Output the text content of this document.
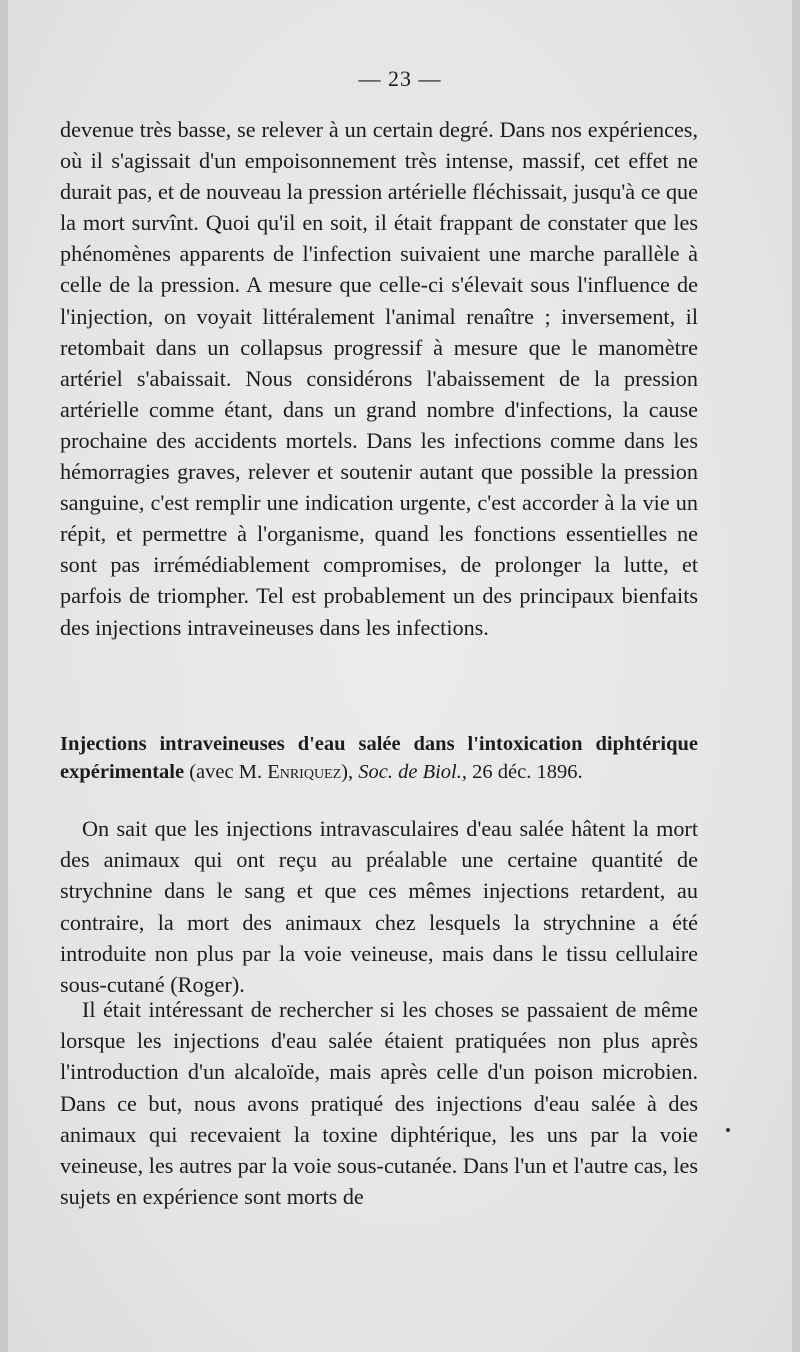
— 23 —

devenue très basse, se relever à un certain degré. Dans nos expériences, où il s'agissait d'un empoisonnement très intense, massif, cet effet ne durait pas, et de nouveau la pression artérielle fléchissait, jusqu'à ce que la mort survînt. Quoi qu'il en soit, il était frappant de constater que les phénomènes apparents de l'infection suivaient une marche parallèle à celle de la pression. A mesure que celle-ci s'élevait sous l'influence de l'injection, on voyait littéralement l'animal renaître ; inversement, il retombait dans un collapsus progressif à mesure que le manomètre artériel s'abaissait. Nous considérons l'abaissement de la pression artérielle comme étant, dans un grand nombre d'infections, la cause prochaine des accidents mortels. Dans les infections comme dans les hémorragies graves, relever et soutenir autant que possible la pression sanguine, c'est remplir une indication urgente, c'est accorder à la vie un répit, et permettre à l'organisme, quand les fonctions essentielles ne sont pas irrémédiablement compromises, de prolonger la lutte, et parfois de triompher. Tel est probablement un des principaux bienfaits des injections intraveineuses dans les infections.

Injections intraveineuses d'eau salée dans l'intoxication diphtérique expérimentale (avec M. Enriquez), Soc. de Biol., 26 déc. 1896.

On sait que les injections intravasculaires d'eau salée hâtent la mort des animaux qui ont reçu au préalable une certaine quantité de strychnine dans le sang et que ces mêmes injections retardent, au contraire, la mort des animaux chez lesquels la strychnine a été introduite non plus par la voie veineuse, mais dans le tissu cellulaire sous-cutané (Roger).

Il était intéressant de rechercher si les choses se passaient de même lorsque les injections d'eau salée étaient pratiquées non plus après l'introduction d'un alcaloïde, mais après celle d'un poison microbien. Dans ce but, nous avons pratiqué des injections d'eau salée à des animaux qui recevaient la toxine diphtérique, les uns par la voie veineuse, les autres par la voie sous-cutanée. Dans l'un et l'autre cas, les sujets en expérience sont morts de
